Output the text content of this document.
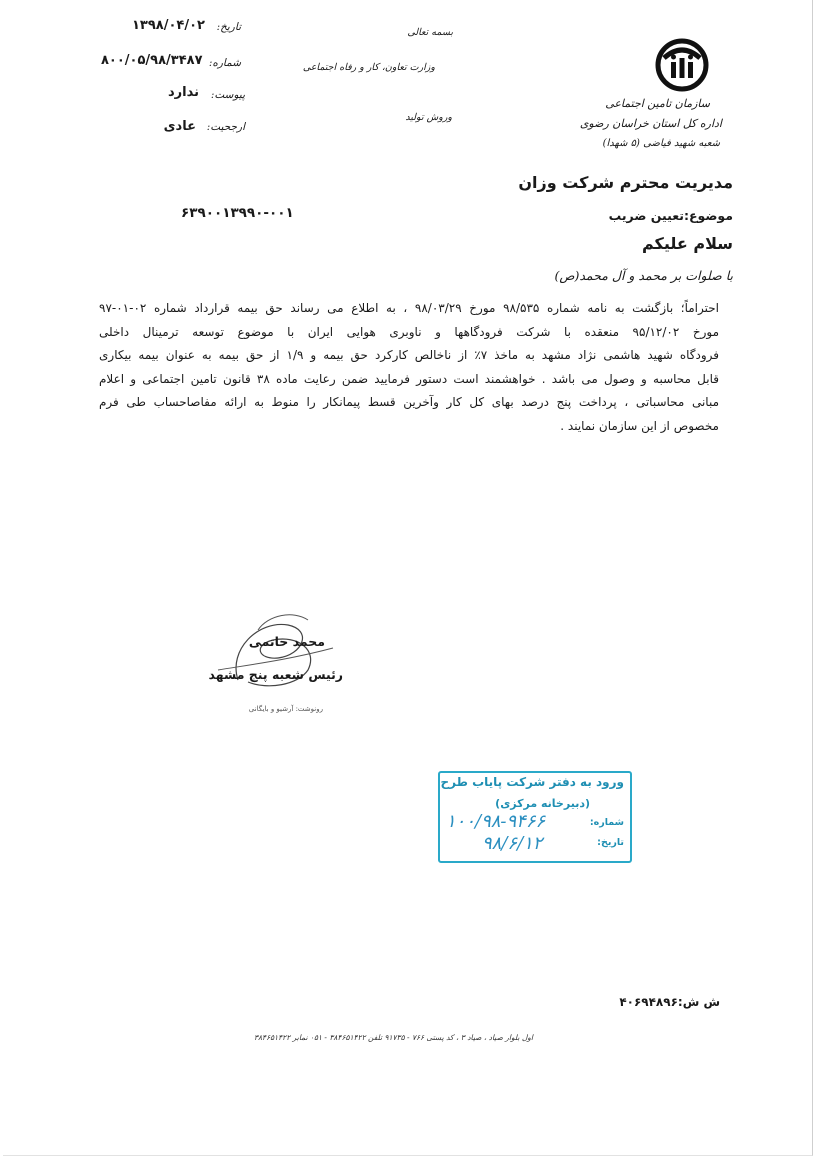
سازمان تامین اجتماعی
اداره کل استان خراسان رضوی
شعبه شهید فیاضی (۵ شهدا)
بسمه تعالی
وزارت تعاون، کار و رفاه اجتماعی
وروش تولید
تاریخ:
۱۳۹۸/۰۴/۰۲
شماره:
۸۰۰/۰۵/۹۸/۳۴۸۷
پیوست:
ندارد
ارجحیت:
عادی
مدیریت محترم شرکت وزان
۶۳۹۰۰۱۳۹۹۰-۰۰۱	موضوع:تعیین ضریب
سلام علیکم
با صلوات بر محمد و آل محمد(ص)
احتراماً؛ بازگشت به نامه شماره ۹۸/۵۳۵ مورخ ۹۸/۰۳/۲۹ ، به اطلاع می رساند حق بیمه قرارداد شماره ۰۲-۰۱-۹۷
مورخ ۹۵/۱۲/۰۲ منعقده با شرکت فرودگاهها و ناوبری هوایی ایران با موضوع توسعه ترمینال داخلی
فرودگاه شهید هاشمی نژاد مشهد به ماخذ ۷٪ از ناخالص کارکرد حق بیمه و ۱/۹ از حق بیمه به عنوان بیمه بیکاری
قابل محاسبه و وصول می باشد . خواهشمند است دستور فرمایید ضمن رعایت ماده ۳۸ قانون تامین اجتماعی و اعلام
مبانی محاسباتی ، پرداخت پنج درصد بهای کل کار وآخرین قسط پیمانکار را منوط به ارائه مفاصاحساب طی فرم
مخصوص از این سازمان نمایند .
محمد حاتمی
رئیس شعبه پنج مشهد
رونوشت: آرشیو و بایگانی
ورود به دفتر شرکت پایاب طرح
(دبیرخانه مرکزی)
شماره:
۱۰۰/۹۸-۹۴۶۶
تاریخ:
۹۸/۶/۱۲
ش ش:۴۰۶۹۴۸۹۶
اول بلوار صیاد ، صیاد ۳ ، کد پستی ۷۶۶ - ۹۱۷۳۵ تلفن ۳۸۴۶۵۱۴۲۲ - ۰۵۱ نمابر ۳۸۴۶۵۱۴۲۲
